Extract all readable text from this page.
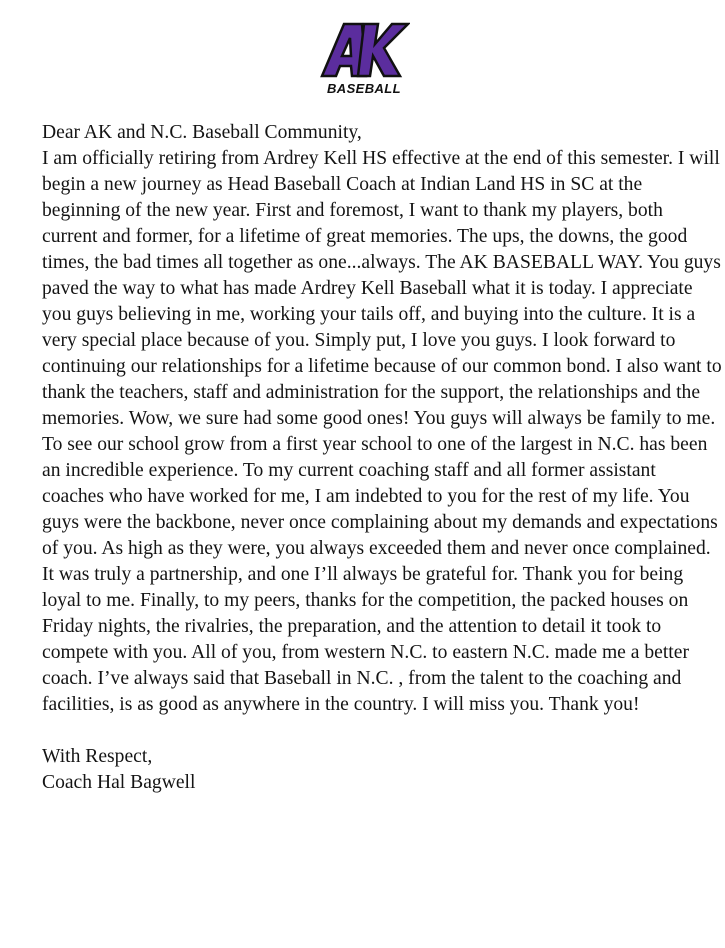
BASEBALL

Dear AK and N.C. Baseball Community,

I am officially retiring from Ardrey Kell HS effective at the end of this semester. I will begin a new journey as Head Baseball Coach at Indian Land HS in SC at the beginning of the new year. First and foremost, I want to thank my players, both current and former, for a lifetime of great memories. The ups, the downs, the good times, the bad times all together as one...always. The AK BASEBALL WAY. You guys paved the way to what has made Ardrey Kell Baseball what it is today. I appreciate you guys believing in me, working your tails off, and buying into the culture. It is a very special place because of you. Simply put, I love you guys. I look forward to continuing our relationships for a lifetime because of our common bond. I also want to thank the teachers, staff and administration for the support, the relationships and the memories. Wow, we sure had some good ones! You guys will always be family to me. To see our school grow from a first year school to one of the largest in N.C. has been an incredible experience. To my current coaching staff and all former assistant coaches who have worked for me, I am indebted to you for the rest of my life. You guys were the backbone, never once complaining about my demands and expectations of you. As high as they were, you always exceeded them and never once complained. It was truly a partnership, and one I’ll always be grateful for. Thank you for being loyal to me. Finally, to my peers, thanks for the competition, the packed houses on Friday nights, the rivalries, the preparation, and the attention to detail it took to compete with you. All of you, from western N.C. to eastern N.C. made me a better coach. I’ve always said that Baseball in N.C. , from the talent to the coaching and facilities, is as good as anywhere in the country. I will miss you. Thank you!

With Respect,

Coach Hal Bagwell
